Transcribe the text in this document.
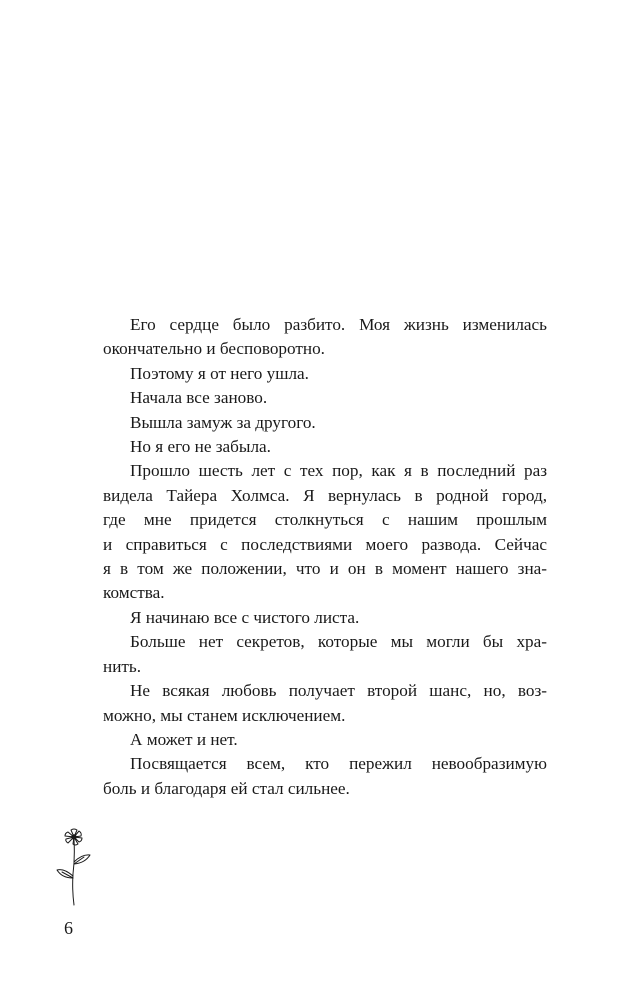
Его сердце было разбито. Моя жизнь изменилась
окончательно и бесповоротно.
Поэтому я от него ушла.
Начала все заново.
Вышла замуж за другого.
Но я его не забыла.
Прошло шесть лет с тех пор, как я в последний раз
видела Тайера Холмса. Я вернулась в родной город,
где мне придется столкнуться с нашим прошлым
и справиться с последствиями моего развода. Сейчас
я в том же положении, что и он в момент нашего зна-
комства.
Я начинаю все с чистого листа.
Больше нет секретов, которые мы могли бы хра-
нить.
Не всякая любовь получает второй шанс, но, воз-
можно, мы станем исключением.
А может и нет.
Посвящается всем, кто пережил невообразимую
боль и благодаря ей стал сильнее.
6
